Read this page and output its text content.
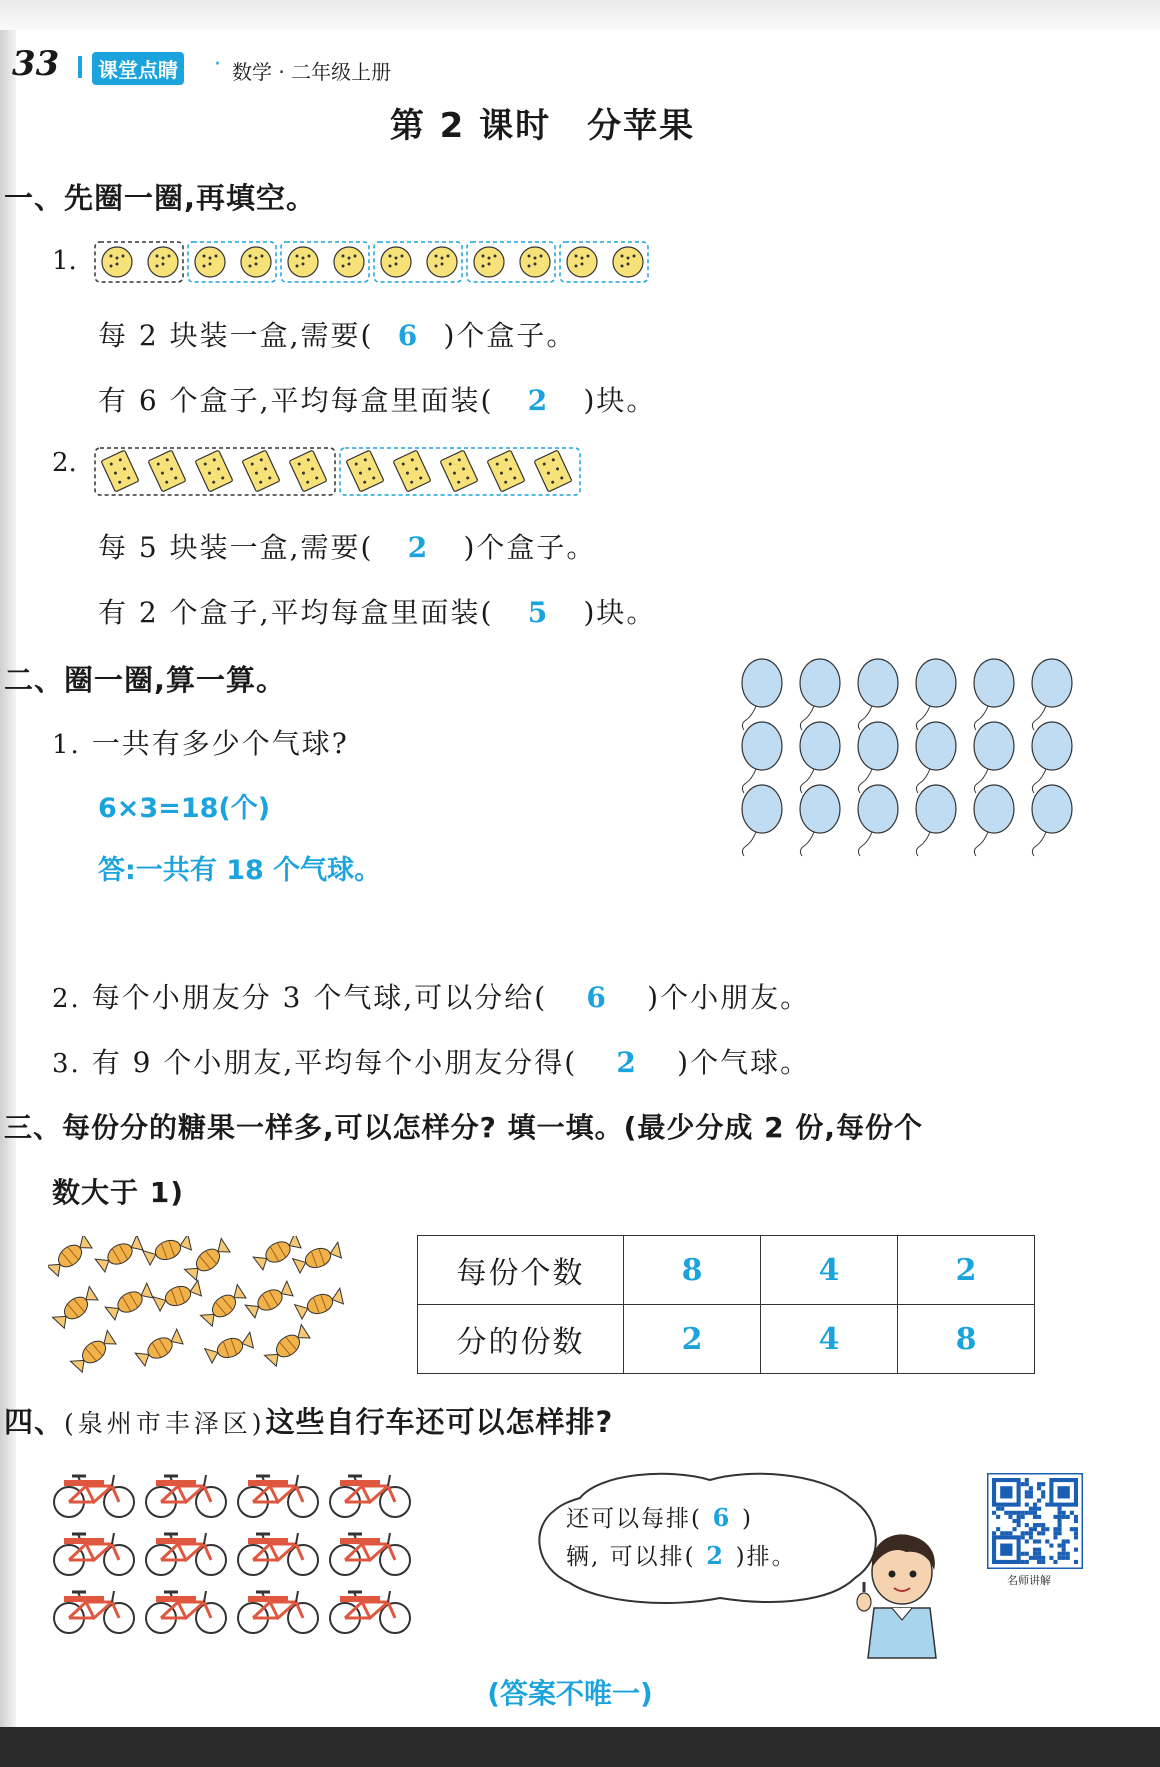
33	课堂点睛 · 数学 · 二年级上册
第 2 课时　分苹果
一、先圈一圈,再填空。
1.
每 2 块装一盒,需要( 6 )个盒子。
有 6 个盒子,平均每盒里面装( 2 )块。
2.
每 5 块装一盒,需要( 2 )个盒子。
有 2 个盒子,平均每盒里面装( 5 )块。
二、圈一圈,算一算。
1. 一共有多少个气球?
6×3=18(个)
答:一共有 18 个气球。
2. 每个小朋友分 3 个气球,可以分给( 6 )个小朋友。
3. 有 9 个小朋友,平均每个小朋友分得( 2 )个气球。
三、每份分的糖果一样多,可以怎样分? 填一填。(最少分成 2 份,每份个
数大于 1)
每份个数	8	4	2
分的份数	2	4	8
四、(泉州市丰泽区)这些自行车还可以怎样排?
还可以每排( 6 )
辆, 可以排( 2 )排。
名师讲解
(答案不唯一)
